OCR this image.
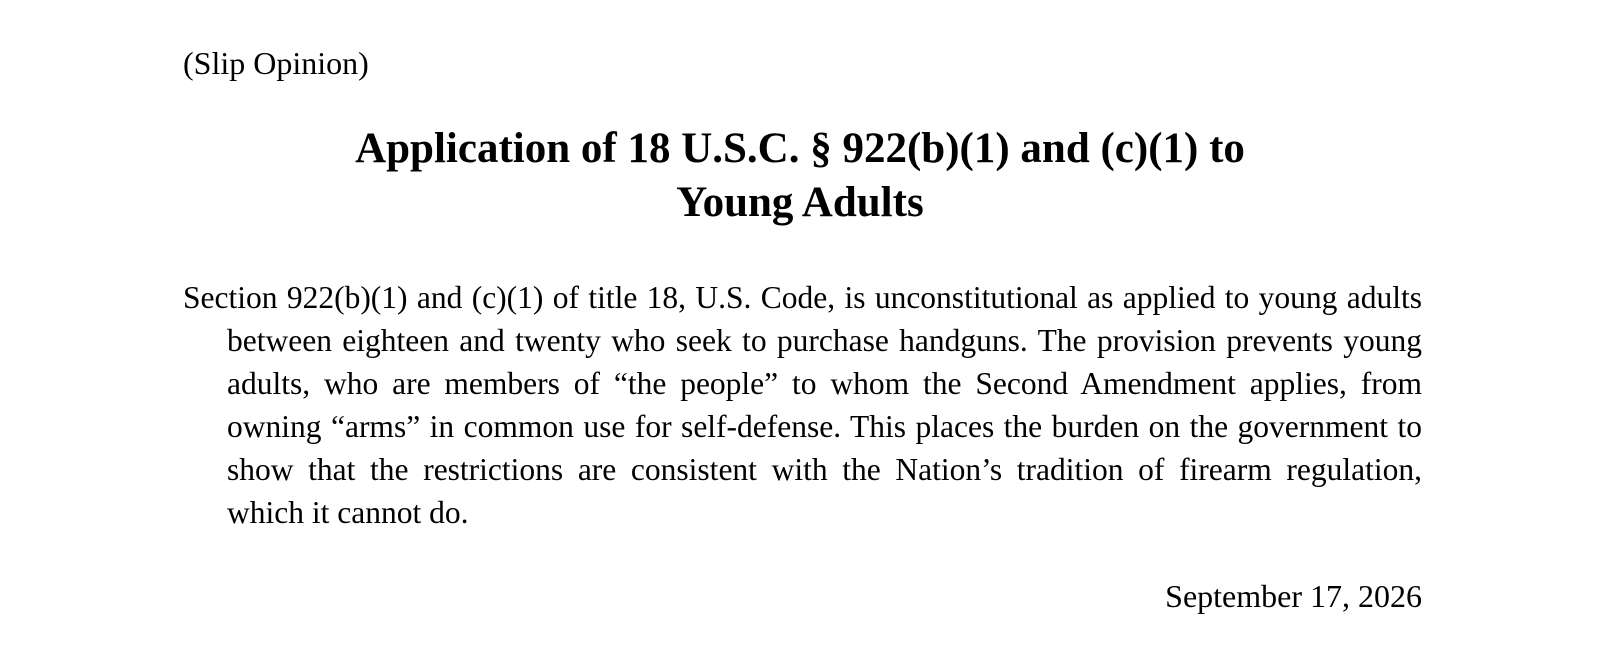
(Slip Opinion)

Application of 18 U.S.C. § 922(b)(1) and (c)(1) to
Young Adults

Section 922(b)(1) and (c)(1) of title 18, U.S. Code, is unconstitutional as applied to young adults between eighteen and twenty who seek to purchase handguns. The provision prevents young adults, who are members of “the people” to whom the Second Amendment applies, from owning “arms” in common use for self-defense. This places the burden on the government to show that the restrictions are consistent with the Nation’s tradition of firearm regulation, which it cannot do.

September 17, 2026
